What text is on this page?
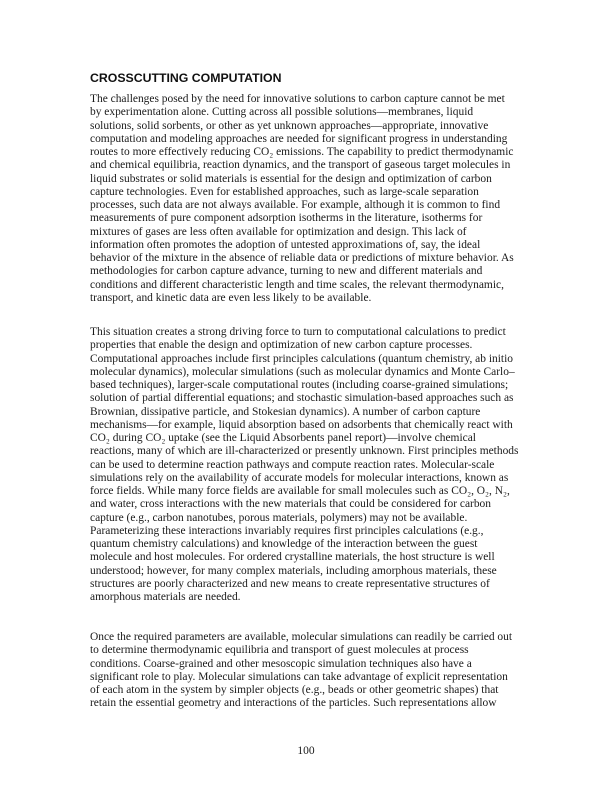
CROSSCUTTING COMPUTATION
The challenges posed by the need for innovative solutions to carbon capture cannot be met
by experimentation alone. Cutting across all possible solutions—membranes, liquid
solutions, solid sorbents, or other as yet unknown approaches—appropriate, innovative
computation and modeling approaches are needed for significant progress in understanding
routes to more effectively reducing CO₂ emissions. The capability to predict thermodynamic
and chemical equilibria, reaction dynamics, and the transport of gaseous target molecules in
liquid substrates or solid materials is essential for the design and optimization of carbon
capture technologies. Even for established approaches, such as large-scale separation
processes, such data are not always available. For example, although it is common to find
measurements of pure component adsorption isotherms in the literature, isotherms for
mixtures of gases are less often available for optimization and design. This lack of
information often promotes the adoption of untested approximations of, say, the ideal
behavior of the mixture in the absence of reliable data or predictions of mixture behavior. As
methodologies for carbon capture advance, turning to new and different materials and
conditions and different characteristic length and time scales, the relevant thermodynamic,
transport, and kinetic data are even less likely to be available.
This situation creates a strong driving force to turn to computational calculations to predict
properties that enable the design and optimization of new carbon capture processes.
Computational approaches include first principles calculations (quantum chemistry, ab initio
molecular dynamics), molecular simulations (such as molecular dynamics and Monte Carlo–
based techniques), larger-scale computational routes (including coarse-grained simulations;
solution of partial differential equations; and stochastic simulation-based approaches such as
Brownian, dissipative particle, and Stokesian dynamics). A number of carbon capture
mechanisms—for example, liquid absorption based on adsorbents that chemically react with
CO₂ during CO₂ uptake (see the Liquid Absorbents panel report)—involve chemical
reactions, many of which are ill-characterized or presently unknown. First principles methods
can be used to determine reaction pathways and compute reaction rates. Molecular-scale
simulations rely on the availability of accurate models for molecular interactions, known as
force fields. While many force fields are available for small molecules such as CO₂, O₂, N₂,
and water, cross interactions with the new materials that could be considered for carbon
capture (e.g., carbon nanotubes, porous materials, polymers) may not be available.
Parameterizing these interactions invariably requires first principles calculations (e.g.,
quantum chemistry calculations) and knowledge of the interaction between the guest
molecule and host molecules. For ordered crystalline materials, the host structure is well
understood; however, for many complex materials, including amorphous materials, these
structures are poorly characterized and new means to create representative structures of
amorphous materials are needed.
Once the required parameters are available, molecular simulations can readily be carried out
to determine thermodynamic equilibria and transport of guest molecules at process
conditions. Coarse-grained and other mesoscopic simulation techniques also have a
significant role to play. Molecular simulations can take advantage of explicit representation
of each atom in the system by simpler objects (e.g., beads or other geometric shapes) that
retain the essential geometry and interactions of the particles. Such representations allow
100
